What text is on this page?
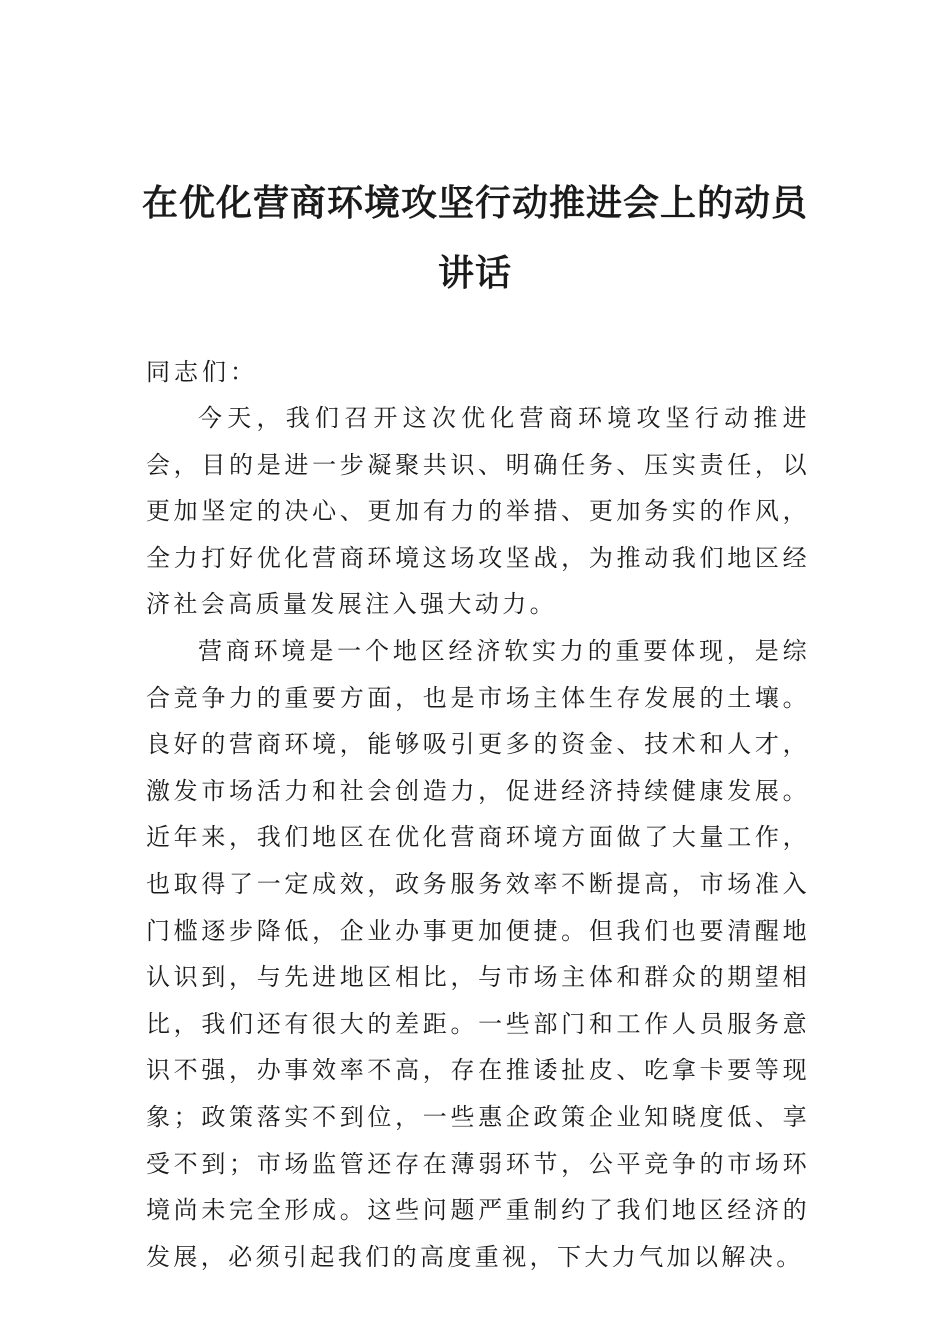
在优化营商环境攻坚行动推进会上的动员讲话

同志们：

今天，我们召开这次优化营商环境攻坚行动推进会，目的是进一步凝聚共识、明确任务、压实责任，以更加坚定的决心、更加有力的举措、更加务实的作风，全力打好优化营商环境这场攻坚战，为推动我们地区经济社会高质量发展注入强大动力。

营商环境是一个地区经济软实力的重要体现，是综合竞争力的重要方面，也是市场主体生存发展的土壤。良好的营商环境，能够吸引更多的资金、技术和人才，激发市场活力和社会创造力，促进经济持续健康发展。近年来，我们地区在优化营商环境方面做了大量工作，也取得了一定成效，政务服务效率不断提高，市场准入门槛逐步降低，企业办事更加便捷。但我们也要清醒地认识到，与先进地区相比，与市场主体和群众的期望相比，我们还有很大的差距。一些部门和工作人员服务意识不强，办事效率不高，存在推诿扯皮、吃拿卡要等现象；政策落实不到位，一些惠企政策企业知晓度低、享受不到；市场监管还存在薄弱环节，公平竞争的市场环境尚未完全形成。这些问题严重制约了我们地区经济的发展，必须引起我们的高度重视，下大力气加以解决。
